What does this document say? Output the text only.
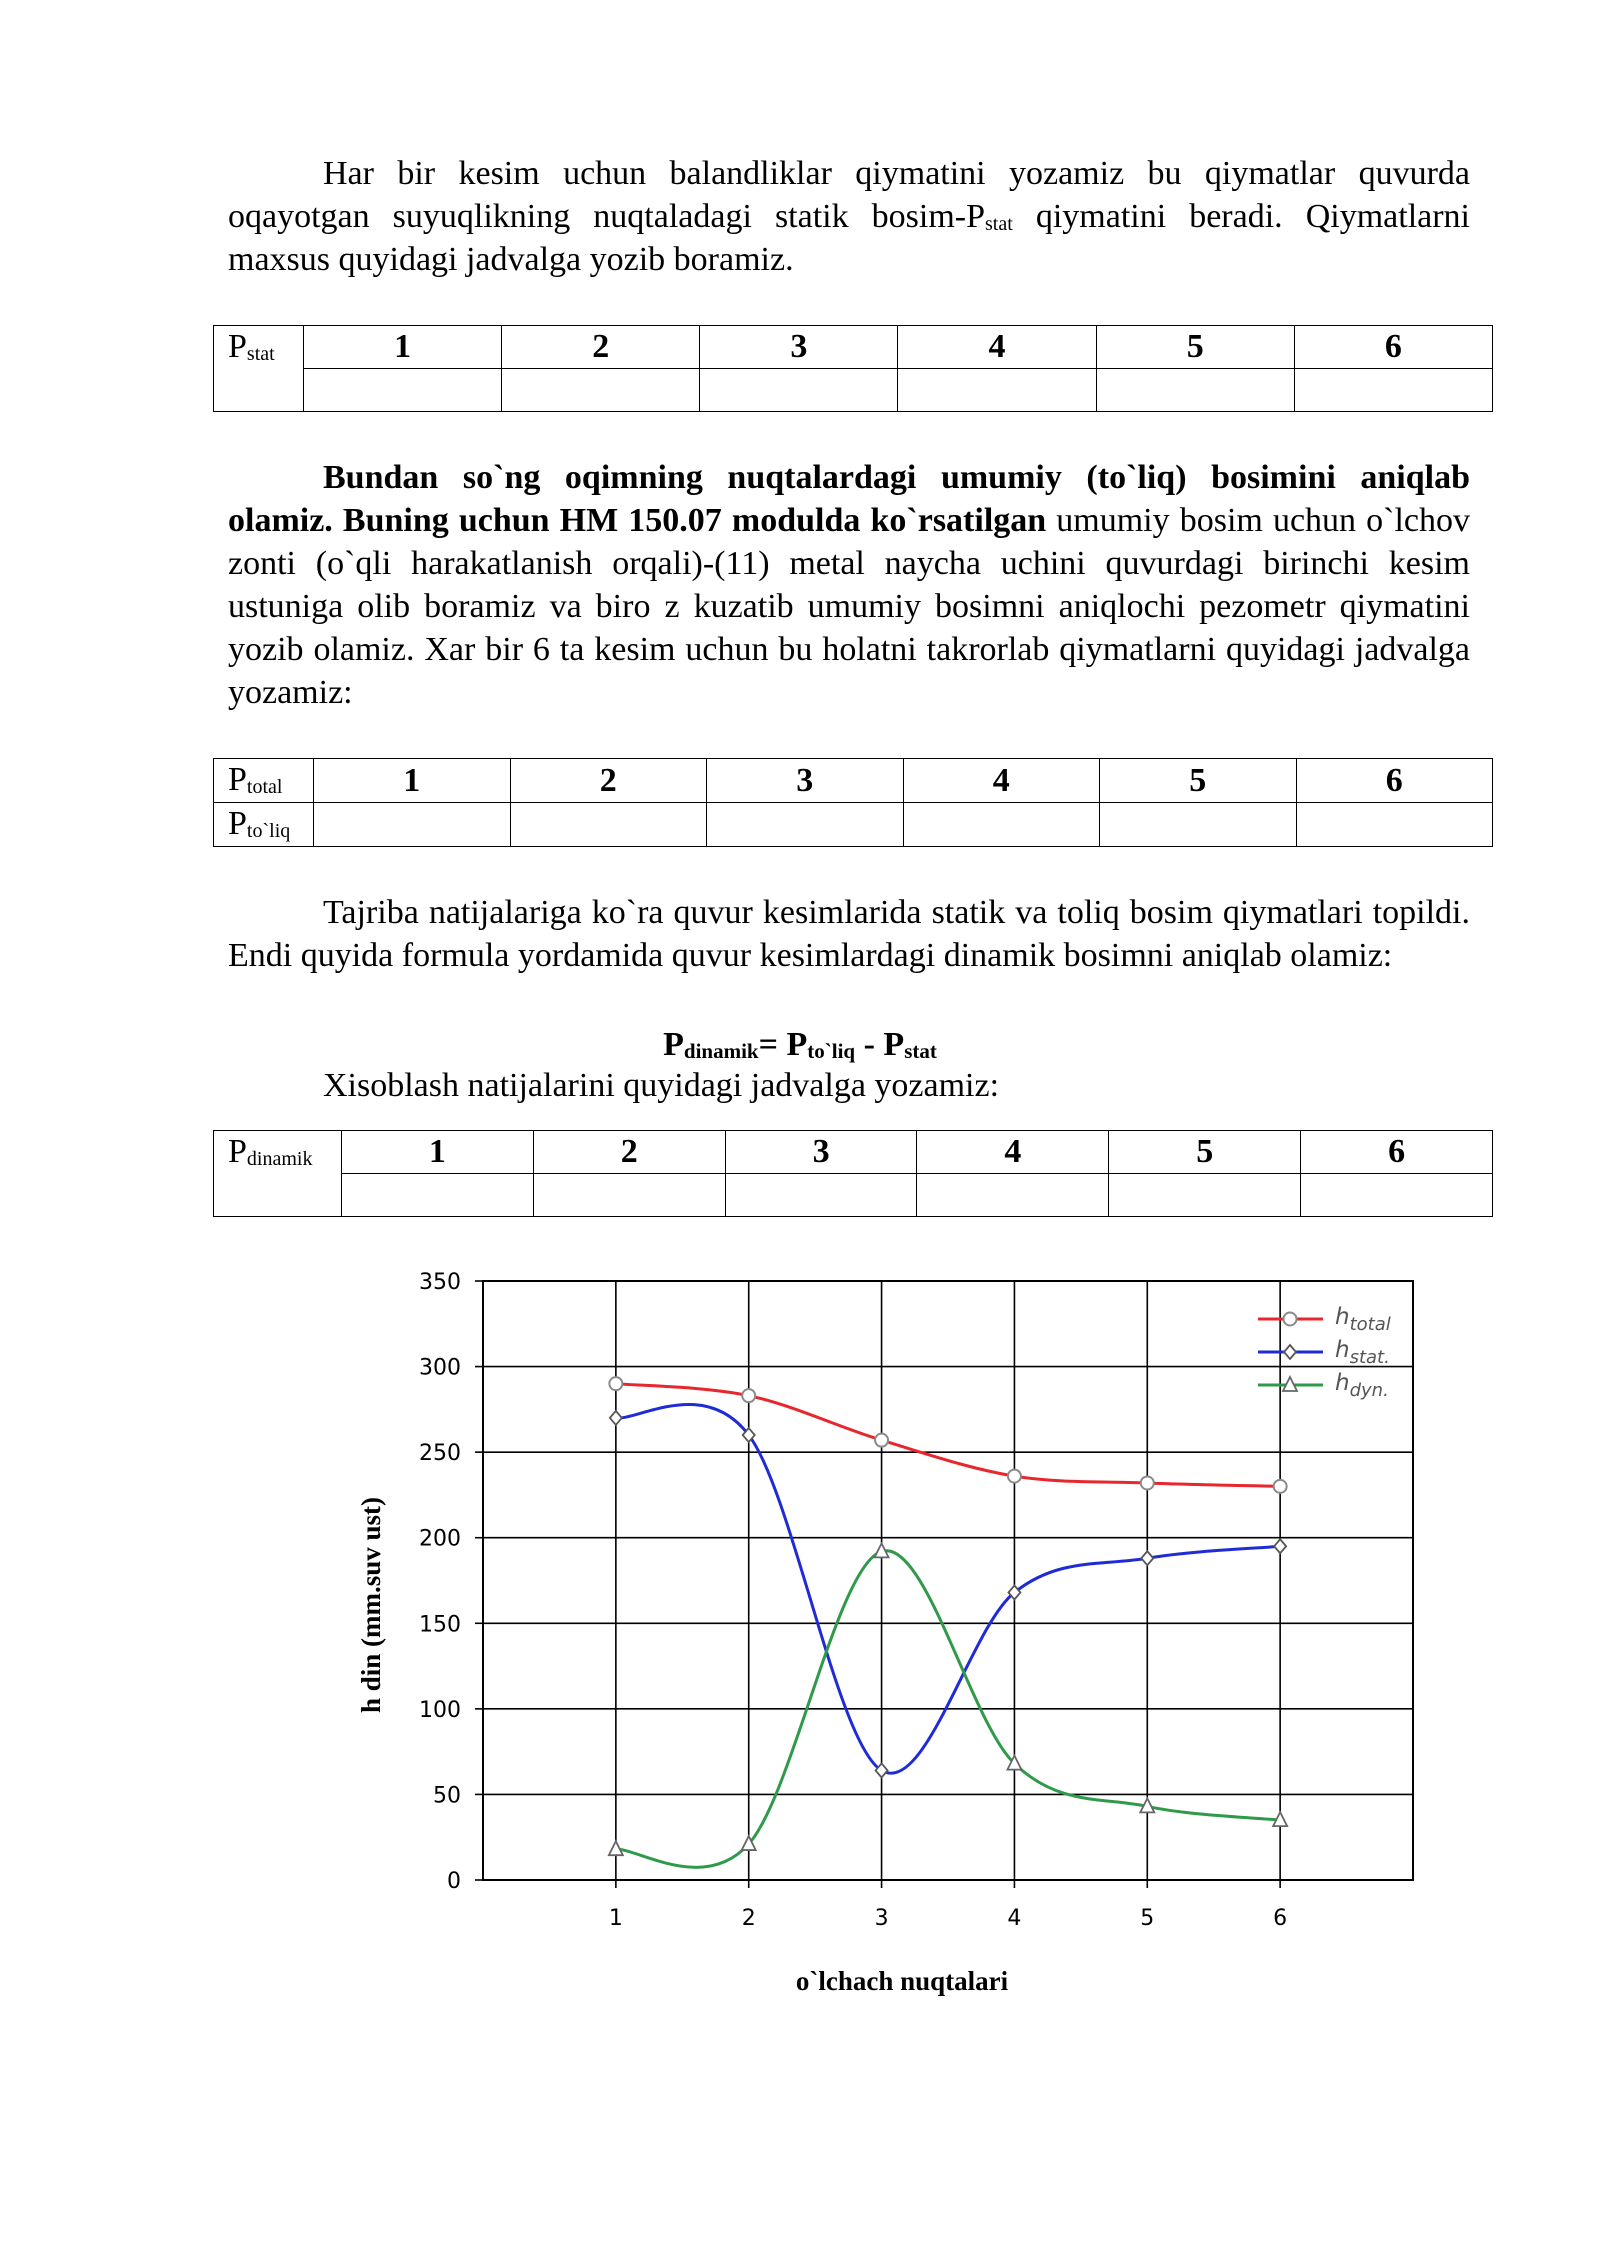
Har bir kesim uchun balandliklar qiymatini yozamiz bu qiymatlar quvurda oqayotgan suyuqlikning nuqtaladagi statik bosim-$P_{stat}$ qiymatini beradi. Qiymatlarni maxsus quyidagi jadvalga yozib boramiz.

$P_{stat}$	1	2	3	4	5	6

Bundan so`ng oqimning nuqtalardagi umumiy (to`liq) bosimini aniqlab olamiz. Buning uchun HM 150.07 modulda ko`rsatilgan umumiy bosim uchun o`lchov zonti (o`qli harakatlanish orqali)-(11) metal naycha uchini quvurdagi birinchi kesim ustuniga olib boramiz va biro z kuzatib umumiy bosimni aniqlochi pezometr qiymatini yozib olamiz. Xar bir 6 ta kesim uchun bu holatni takrorlab qiymatlarni quyidagi jadvalga yozamiz:

$P_{total}$	1	2	3	4	5	6
$P_{to`liq}$						

Tajriba natijalariga ko`ra quvur kesimlarida statik va toliq bosim qiymatlari topildi. Endi quyida formula yordamida quvur kesimlardagi dinamik bosimni aniqlab olamiz:

$P_{dinamik}= P_{to`liq} - P_{stat}$

Xisoblash natijalarini quyidagi jadvalga yozamiz:

$P_{dinamik}$	1	2	3	4	5	6

0
50
100
150
200
250
300
350
1	2	3	4	5	6
$h_{total}$
$h_{stat.}$
$h_{dyn.}$
o`lchach nuqtalari
h din (mm.suv ust)
